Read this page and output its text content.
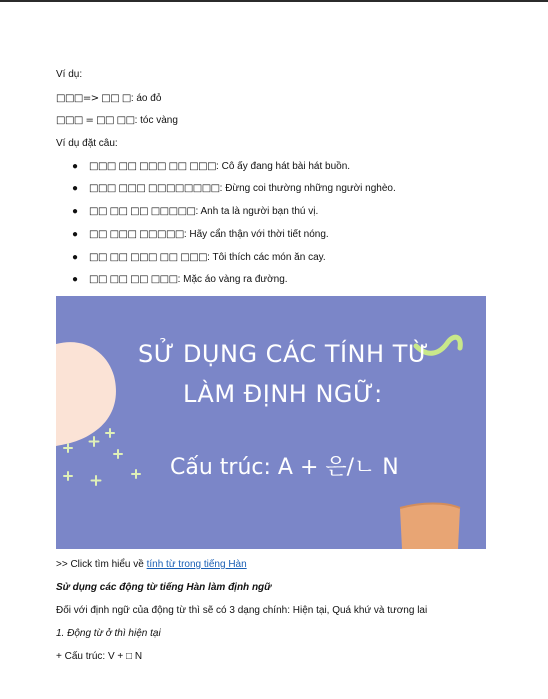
Ví dụ:
□□□=> □□ □: áo đỏ
□□□ = □□ □□: tóc vàng
Ví dụ đặt câu:
● □□□ □□ □□□ □□ □□□: Cô ấy đang hát bài hát buồn.
● □□□ □□□ □□□□□□□□: Đừng coi thường những người nghèo.
● □□ □□ □□ □□□□□: Anh ta là người bạn thú vị.
● □□ □□□ □□□□□: Hãy cẩn thận với thời tiết nóng.
● □□ □□ □□□ □□ □□□: Tôi thích các món ăn cay.
● □□ □□ □□ □□□: Mặc áo vàng ra đường.
>> Click tìm hiểu về tính từ trong tiếng Hàn
Sử dụng các động từ tiếng Hàn làm định ngữ
Đối với định ngữ của động từ thì sẽ có 3 dạng chính: Hiện tại, Quá khứ và tương lai
1. Động từ ở thì hiện tại
+ Cấu trúc: V + □ N
SỬ DỤNG CÁC TÍNH TỪ
LÀM ĐỊNH NGỮ:
Cấu trúc: A + 은/ㄴ N
